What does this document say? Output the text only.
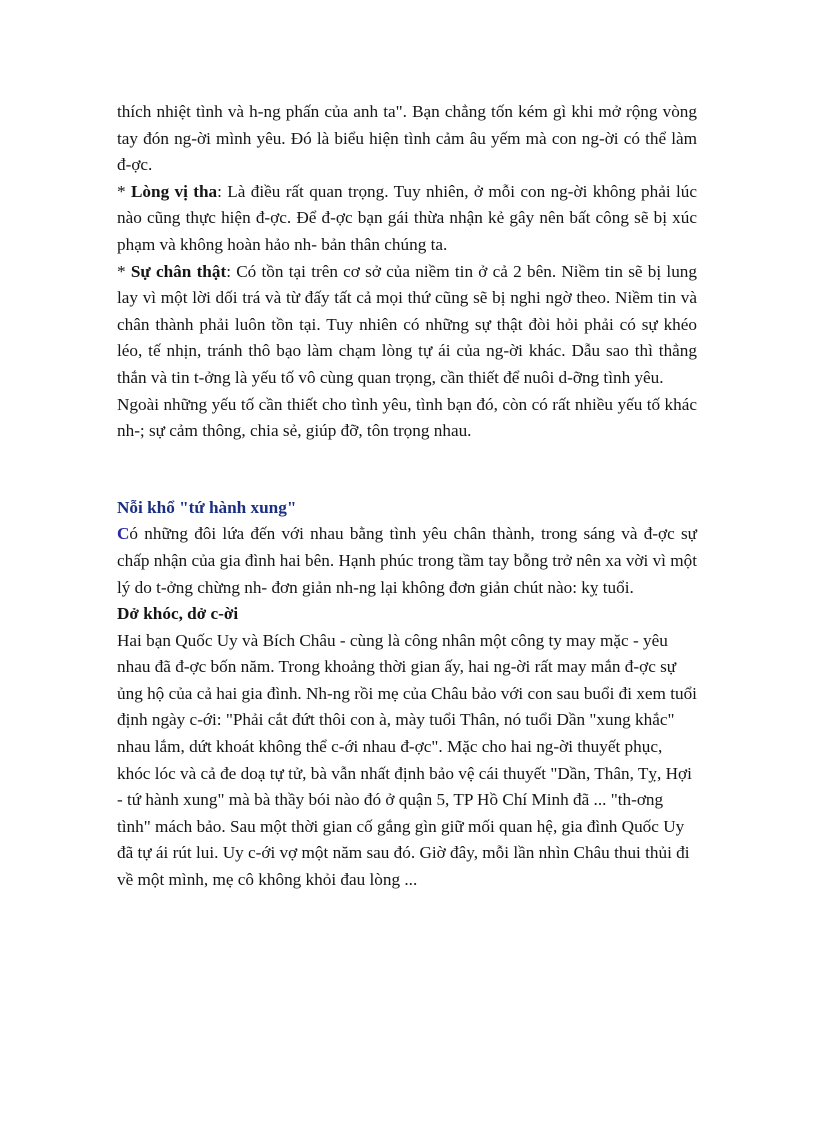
thích nhiệt tình và h-ng phấn của anh ta". Bạn chẳng tốn kém gì khi mở rộng vòng tay đón ng-ời mình yêu. Đó là biểu hiện tình cảm âu yếm mà con ng-ời có thể làm đ-ợc.

* Lòng vị tha: Là điều rất quan trọng. Tuy nhiên, ở mỗi con ng-ời không phải lúc nào cũng thực hiện đ-ợc. Để đ-ợc bạn gái thừa nhận kẻ gây nên bất công sẽ bị xúc phạm và không hoàn hảo nh- bản thân chúng ta.

* Sự chân thật: Có tồn tại trên cơ sở của niềm tin ở cả 2 bên. Niềm tin sẽ bị lung lay vì một lời dối trá và từ đấy tất cả mọi thứ cũng sẽ bị nghi ngờ theo. Niềm tin và chân thành phải luôn tồn tại. Tuy nhiên có những sự thật đòi hỏi phải có sự khéo léo, tế nhịn, tránh thô bạo làm chạm lòng tự ái của ng-ời khác. Dẫu sao thì thẳng thắn và tin t-ởng là yếu tố vô cùng quan trọng, cần thiết để nuôi d-ỡng tình yêu.

Ngoài những yếu tố cần thiết cho tình yêu, tình bạn đó, còn có rất nhiều yếu tố khác nh-; sự cảm thông, chia sẻ, giúp đỡ, tôn trọng nhau.

Nỗi khổ "tứ hành xung"

Có những đôi lứa đến với nhau bằng tình yêu chân thành, trong sáng và đ-ợc sự chấp nhận của gia đình hai bên. Hạnh phúc trong tầm tay bỗng trở nên xa vời vì một lý do t-ởng chừng nh- đơn giản nh-ng lại không đơn giản chút nào: kỵ tuổi.

Dở khóc, dở c-ời

Hai bạn Quốc Uy và Bích Châu - cùng là công nhân một công ty may mặc - yêu nhau đã đ-ợc bốn năm. Trong khoảng thời gian ấy, hai ng-ời rất may mắn đ-ợc sự ủng hộ của cả hai gia đình. Nh-ng rồi mẹ của Châu bảo với con sau buổi đi xem tuổi định ngày c-ới: "Phải cắt đứt thôi con à, mày tuổi Thân, nó tuổi Dần "xung khắc" nhau lắm, dứt khoát không thể c-ới nhau đ-ợc". Mặc cho hai ng-ời thuyết phục, khóc lóc và cả đe doạ tự tử, bà vẫn nhất định bảo vệ cái thuyết "Dần, Thân, Tỵ, Hợi - tứ hành xung" mà bà thầy bói nào đó ở quận 5, TP Hồ Chí Minh đã ... "th-ơng tình" mách bảo. Sau một thời gian cố gắng gìn giữ mối quan hệ, gia đình Quốc Uy đã tự ái rút lui. Uy c-ới vợ một năm sau đó. Giờ đây, mỗi lần nhìn Châu thui thủi đi về một mình, mẹ cô không khỏi đau lòng ...
